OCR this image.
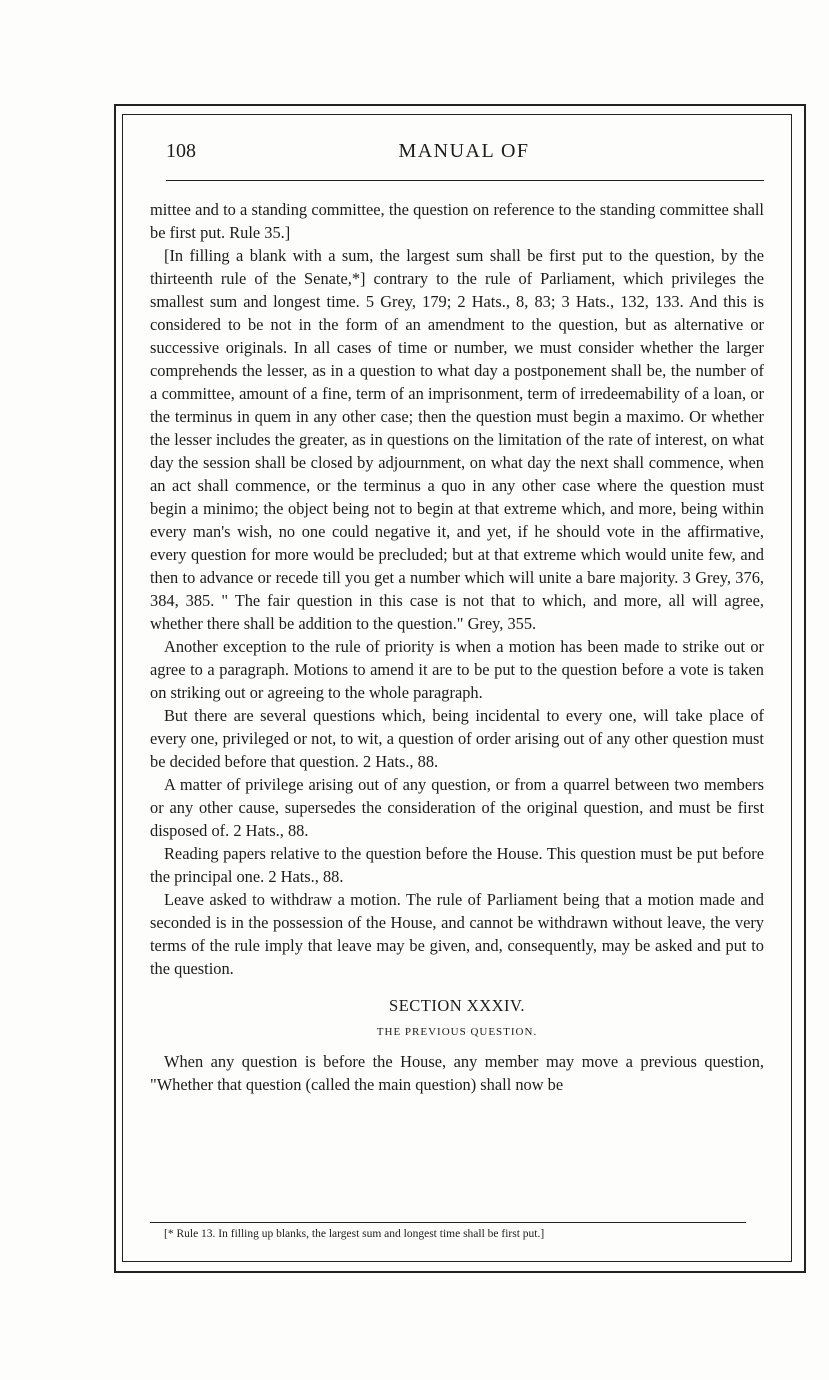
108	MANUAL OF

mittee and to a standing committee, the question on reference to the standing committee shall be first put. Rule 35.]

[In filling a blank with a sum, the largest sum shall be first put to the question, by the thirteenth rule of the Senate,*] contrary to the rule of Parliament, which privileges the smallest sum and longest time. 5 Grey, 179; 2 Hats., 8, 83; 3 Hats., 132, 133. And this is considered to be not in the form of an amendment to the question, but as alternative or successive originals. In all cases of time or number, we must consider whether the larger comprehends the lesser, as in a question to what day a postponement shall be, the number of a committee, amount of a fine, term of an imprisonment, term of irredeemability of a loan, or the terminus in quem in any other case; then the question must begin a maximo. Or whether the lesser includes the greater, as in questions on the limitation of the rate of interest, on what day the session shall be closed by adjournment, on what day the next shall commence, when an act shall commence, or the terminus a quo in any other case where the question must begin a minimo; the object being not to begin at that extreme which, and more, being within every man's wish, no one could negative it, and yet, if he should vote in the affirmative, every question for more would be precluded; but at that extreme which would unite few, and then to advance or recede till you get a number which will unite a bare majority. 3 Grey, 376, 384, 385. " The fair question in this case is not that to which, and more, all will agree, whether there shall be addition to the question." Grey, 355.

Another exception to the rule of priority is when a motion has been made to strike out or agree to a paragraph. Motions to amend it are to be put to the question before a vote is taken on striking out or agreeing to the whole paragraph.

But there are several questions which, being incidental to every one, will take place of every one, privileged or not, to wit, a question of order arising out of any other question must be decided before that question. 2 Hats., 88.

A matter of privilege arising out of any question, or from a quarrel between two members or any other cause, supersedes the consideration of the original question, and must be first disposed of. 2 Hats., 88.

Reading papers relative to the question before the House. This question must be put before the principal one. 2 Hats., 88.

Leave asked to withdraw a motion. The rule of Parliament being that a motion made and seconded is in the possession of the House, and cannot be withdrawn without leave, the very terms of the rule imply that leave may be given, and, consequently, may be asked and put to the question.

SECTION XXXIV.
THE PREVIOUS QUESTION.

When any question is before the House, any member may move a previous question, "Whether that question (called the main question) shall now be

[* Rule 13. In filling up blanks, the largest sum and longest time shall be first put.]
